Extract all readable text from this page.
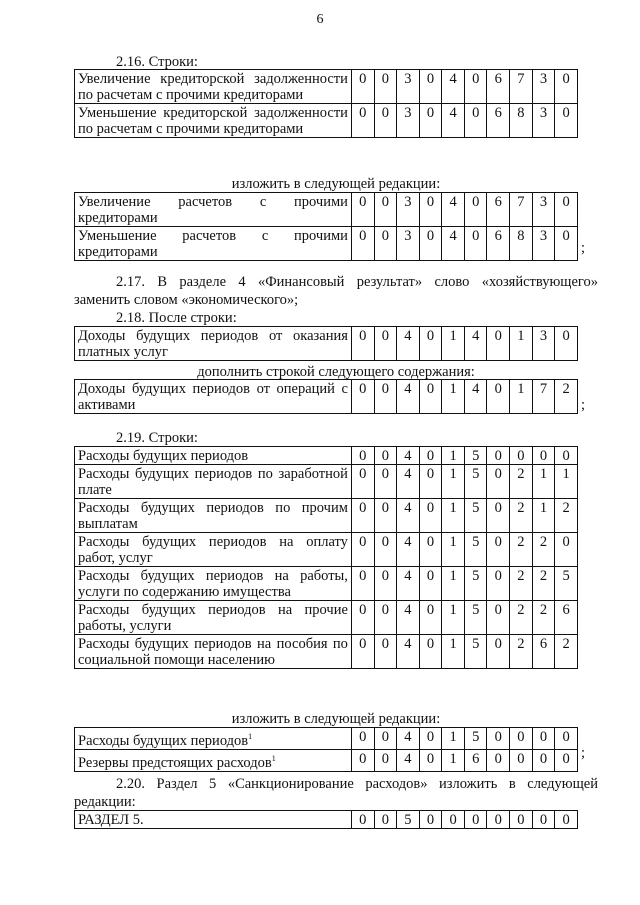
6
2.16. Строки:
Увеличение кредиторской задолженности по расчетам с прочими кредиторами	0	0	3	0	4	0	6	7	3	0
Уменьшение кредиторской задолженности по расчетам с прочими кредиторами	0	0	3	0	4	0	6	8	3	0
изложить в следующей редакции:
Увеличение расчетов с прочими кредиторами	0	0	3	0	4	0	6	7	3	0
Уменьшение расчетов с прочими кредиторами	0	0	3	0	4	0	6	8	3	0
;
2.17. В разделе 4 «Финансовый результат» слово «хозяйствующего»
заменить словом «экономического»;
2.18. После строки:
Доходы будущих периодов от оказания платных услуг	0	0	4	0	1	4	0	1	3	0
дополнить строкой следующего содержания:
Доходы будущих периодов от операций с активами	0	0	4	0	1	4	0	1	7	2
;
2.19. Строки:
Расходы будущих периодов	0	0	4	0	1	5	0	0	0	0
Расходы будущих периодов по заработной плате	0	0	4	0	1	5	0	2	1	1
Расходы будущих периодов по прочим выплатам	0	0	4	0	1	5	0	2	1	2
Расходы будущих периодов на оплату работ, услуг	0	0	4	0	1	5	0	2	2	0
Расходы будущих периодов на работы, услуги по содержанию имущества	0	0	4	0	1	5	0	2	2	5
Расходы будущих периодов на прочие работы, услуги	0	0	4	0	1	5	0	2	2	6
Расходы будущих периодов на пособия по социальной помощи населению	0	0	4	0	1	5	0	2	6	2
изложить в следующей редакции:
Расходы будущих периодов$^1$	0	0	4	0	1	5	0	0	0	0
Резервы предстоящих расходов$^1$	0	0	4	0	1	6	0	0	0	0 ;
2.20. Раздел 5 «Санкционирование расходов» изложить в следующей
редакции:
РАЗДЕЛ 5.	0	0	5	0	0	0	0	0	0	0
